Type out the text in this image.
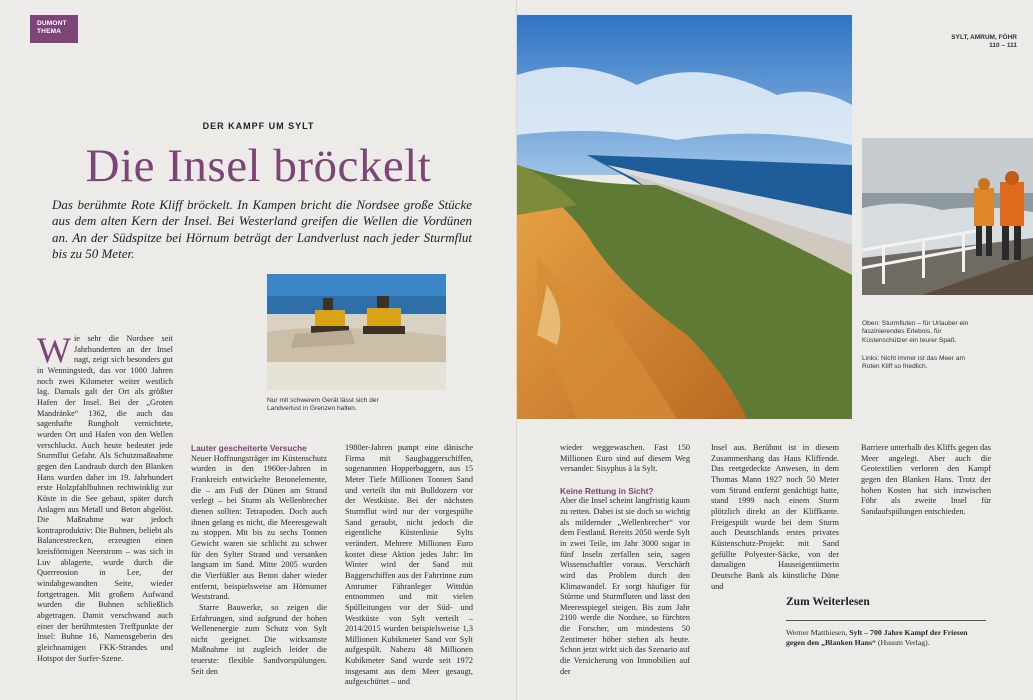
DUMONT
THEMA
SYLT, AMRUM, FÖHR
110 – 111
DER KAMPF UM SYLT
Die Insel bröckelt
Das berühmte Rote Kliff bröckelt. In Kampen bricht die Nordsee große Stücke aus dem alten Kern der Insel. Bei Westerland greifen die Wellen die Vordünen an. An der Südspitze bei Hörnum beträgt der Landverlust nach jeder Sturmflut bis zu 50 Meter.
Nur mit schwerem Gerät lässt sich der Landverlust in Grenzen halten.
Oben: Sturmfluten – für Urlauber ein faszinierendes Erlebnis, für Küstenschützer ein teurer Spaß.
Links: Nicht immer ist das Meer am Roten Kliff so friedlich.

Wie sehr die Nordsee seit Jahrhunderten an der Insel nagt, zeigt sich besonders gut in Wenningstedt, das vor 1000 Jahren noch zwei Kilometer weiter westlich lag. Damals galt der Ort als größter Hafen der Insel. Bei der „Groten Mandränke“ 1362, die auch das sagenhafte Rungholt vernichtete, wurden Ort und Hafen von den Wellen verschluckt. Auch heute bedeutet jede Sturmflut Gefahr. Als Schutzmaßnahme gegen den Landraub durch den Blanken Hans wurden daher im 19. Jahrhundert erste Holzpfahlbuhnen rechtwinklig zur Küste in die See gebaut, später durch Anlagen aus Metall und Beton abgelöst. Die Maßnahme war jedoch kontraproduktiv: Die Buhnen, beliebt als Balancestrecken, erzeugten einen kreisförmigen Neerstrom – was sich in Luv ablagerte, wurde durch die Querreosion in Lee, der windabgewandten Seite, wieder fortgetragen. Mit großem Aufwand wurden die Buhnen schließlich abgetragen. Damit verschwand auch einer der berühmtesten Treffpunkte der Insel: Buhne 16, Namensgeberin des gleichnamigen FKK-Strandes und Hotspot der Surfer-Szene.

Lauter gescheiterte Versuche

Neuer Hoffnungsträger im Küstenschutz wurden in den 1960er-Jahren in Frankreich entwickelte Betonelemente, die – am Fuß der Dünen am Strand verlegt – bei Sturm als Wellenbrecher dienen sollten: Tetrapoden. Doch auch ihnen gelang es nicht, die Meeresgewalt zu stoppen. Mit bis zu sechs Tonnen Gewicht waren sie schlicht zu schwer für den Sylter Strand und versanken langsam im Sand. Mitte 2005 wurden die Vierfüßler aus Beton daher wieder entfernt, beispielsweise am Hörnumer Weststrand.

Starre Bauwerke, so zeigen die Erfahrungen, sind aufgrund der hohen Wellenenergie zum Schutz von Sylt nicht geeignet. Die wirksamste Maßnahme ist zugleich leider die teuerste: flexible Sandvorspülungen. Seit den

1980er-Jahren pumpt eine dänische Firma mit Saugbaggerschiffen, sogenannten Hopperbaggern, aus 15 Meter Tiefe Millionen Tonnen Sand und verteilt ihn mit Bulldozern vor der Westküste. Bei der nächsten Sturmflut wird nur der vorgespülte Sand geraubt, nicht jedoch die eigentliche Küstenlinie Sylts verändert. Mehrere Millionen Euro kostet diese Aktion jedes Jahr: Im Winter wird der Sand mit Baggerschiffen aus der Fahrrinne zum Amrumer Fähranleger Wittdün entnommen und mit vielen Spülleitungen vor der Süd- und Westküste von Sylt verteilt – 2014/2015 wurden beispielsweise 1,3 Millionen Kubikmeter Sand vor Sylt aufgespült. Nahezu 48 Millionen Kubikmeter Sand wurde seit 1972 insgesamt aus dem Meer gesaugt, aufgeschüttet – und

wieder weggewaschen. Fast 150 Millionen Euro sind auf diesem Weg versandet: Sisyphus à la Sylt.

Keine Rettung in Sicht?

Aber die Insel scheint langfristig kaum zu retten. Dabei ist sie doch so wichtig als mildernder „Wellenbrecher“ vor dem Festland. Bereits 2050 werde Sylt in zwei Teile, im Jahr 3000 sogar in fünf Inseln zerfallen sein, sagen Wissenschaftler voraus. Verschärft wird das Problem durch den Klimawandel. Er sorgt häufiger für Stürme und Sturmfluten und lässt den Meeresspiegel steigen. Bis zum Jahr 2100 werde die Nordsee, so fürchten die Forscher, um mindestens 50 Zentimeter höher stehen als heute. Schon jetzt wirkt sich das Szenario auf die Versicherung von Immobilien auf der

Insel aus. Berühmt ist in diesem Zusammenhang das Haus Kliffende. Das reetgedeckte Anwesen, in dem Thomas Mann 1927 noch 50 Meter vom Strand entfernt genächtigt hatte, stand 1999 nach einem Sturm plötzlich direkt an der Kliffkante. Freigespült wurde bei dem Sturm auch Deutschlands erstes privates Küstenschutz-Projekt: mit Sand gefüllte Polyester-Säcke, von der damaligen Hauseigentümerin Deutsche Bank als künstliche Düne und

Barriere unterhalb des Kliffs gegen das Meer angelegt. Aber auch die Geotextilien verloren den Kampf gegen den Blanken Hans. Trotz der hohen Kosten hat sich inzwischen Föhr als zweite Insel für Sandaufspülungen entschieden.

Zum Weiterlesen
Werner Matthiesen, Sylt – 700 Jahre Kampf der Friesen gegen den „Blanken Hans“ (Husum Verlag).
